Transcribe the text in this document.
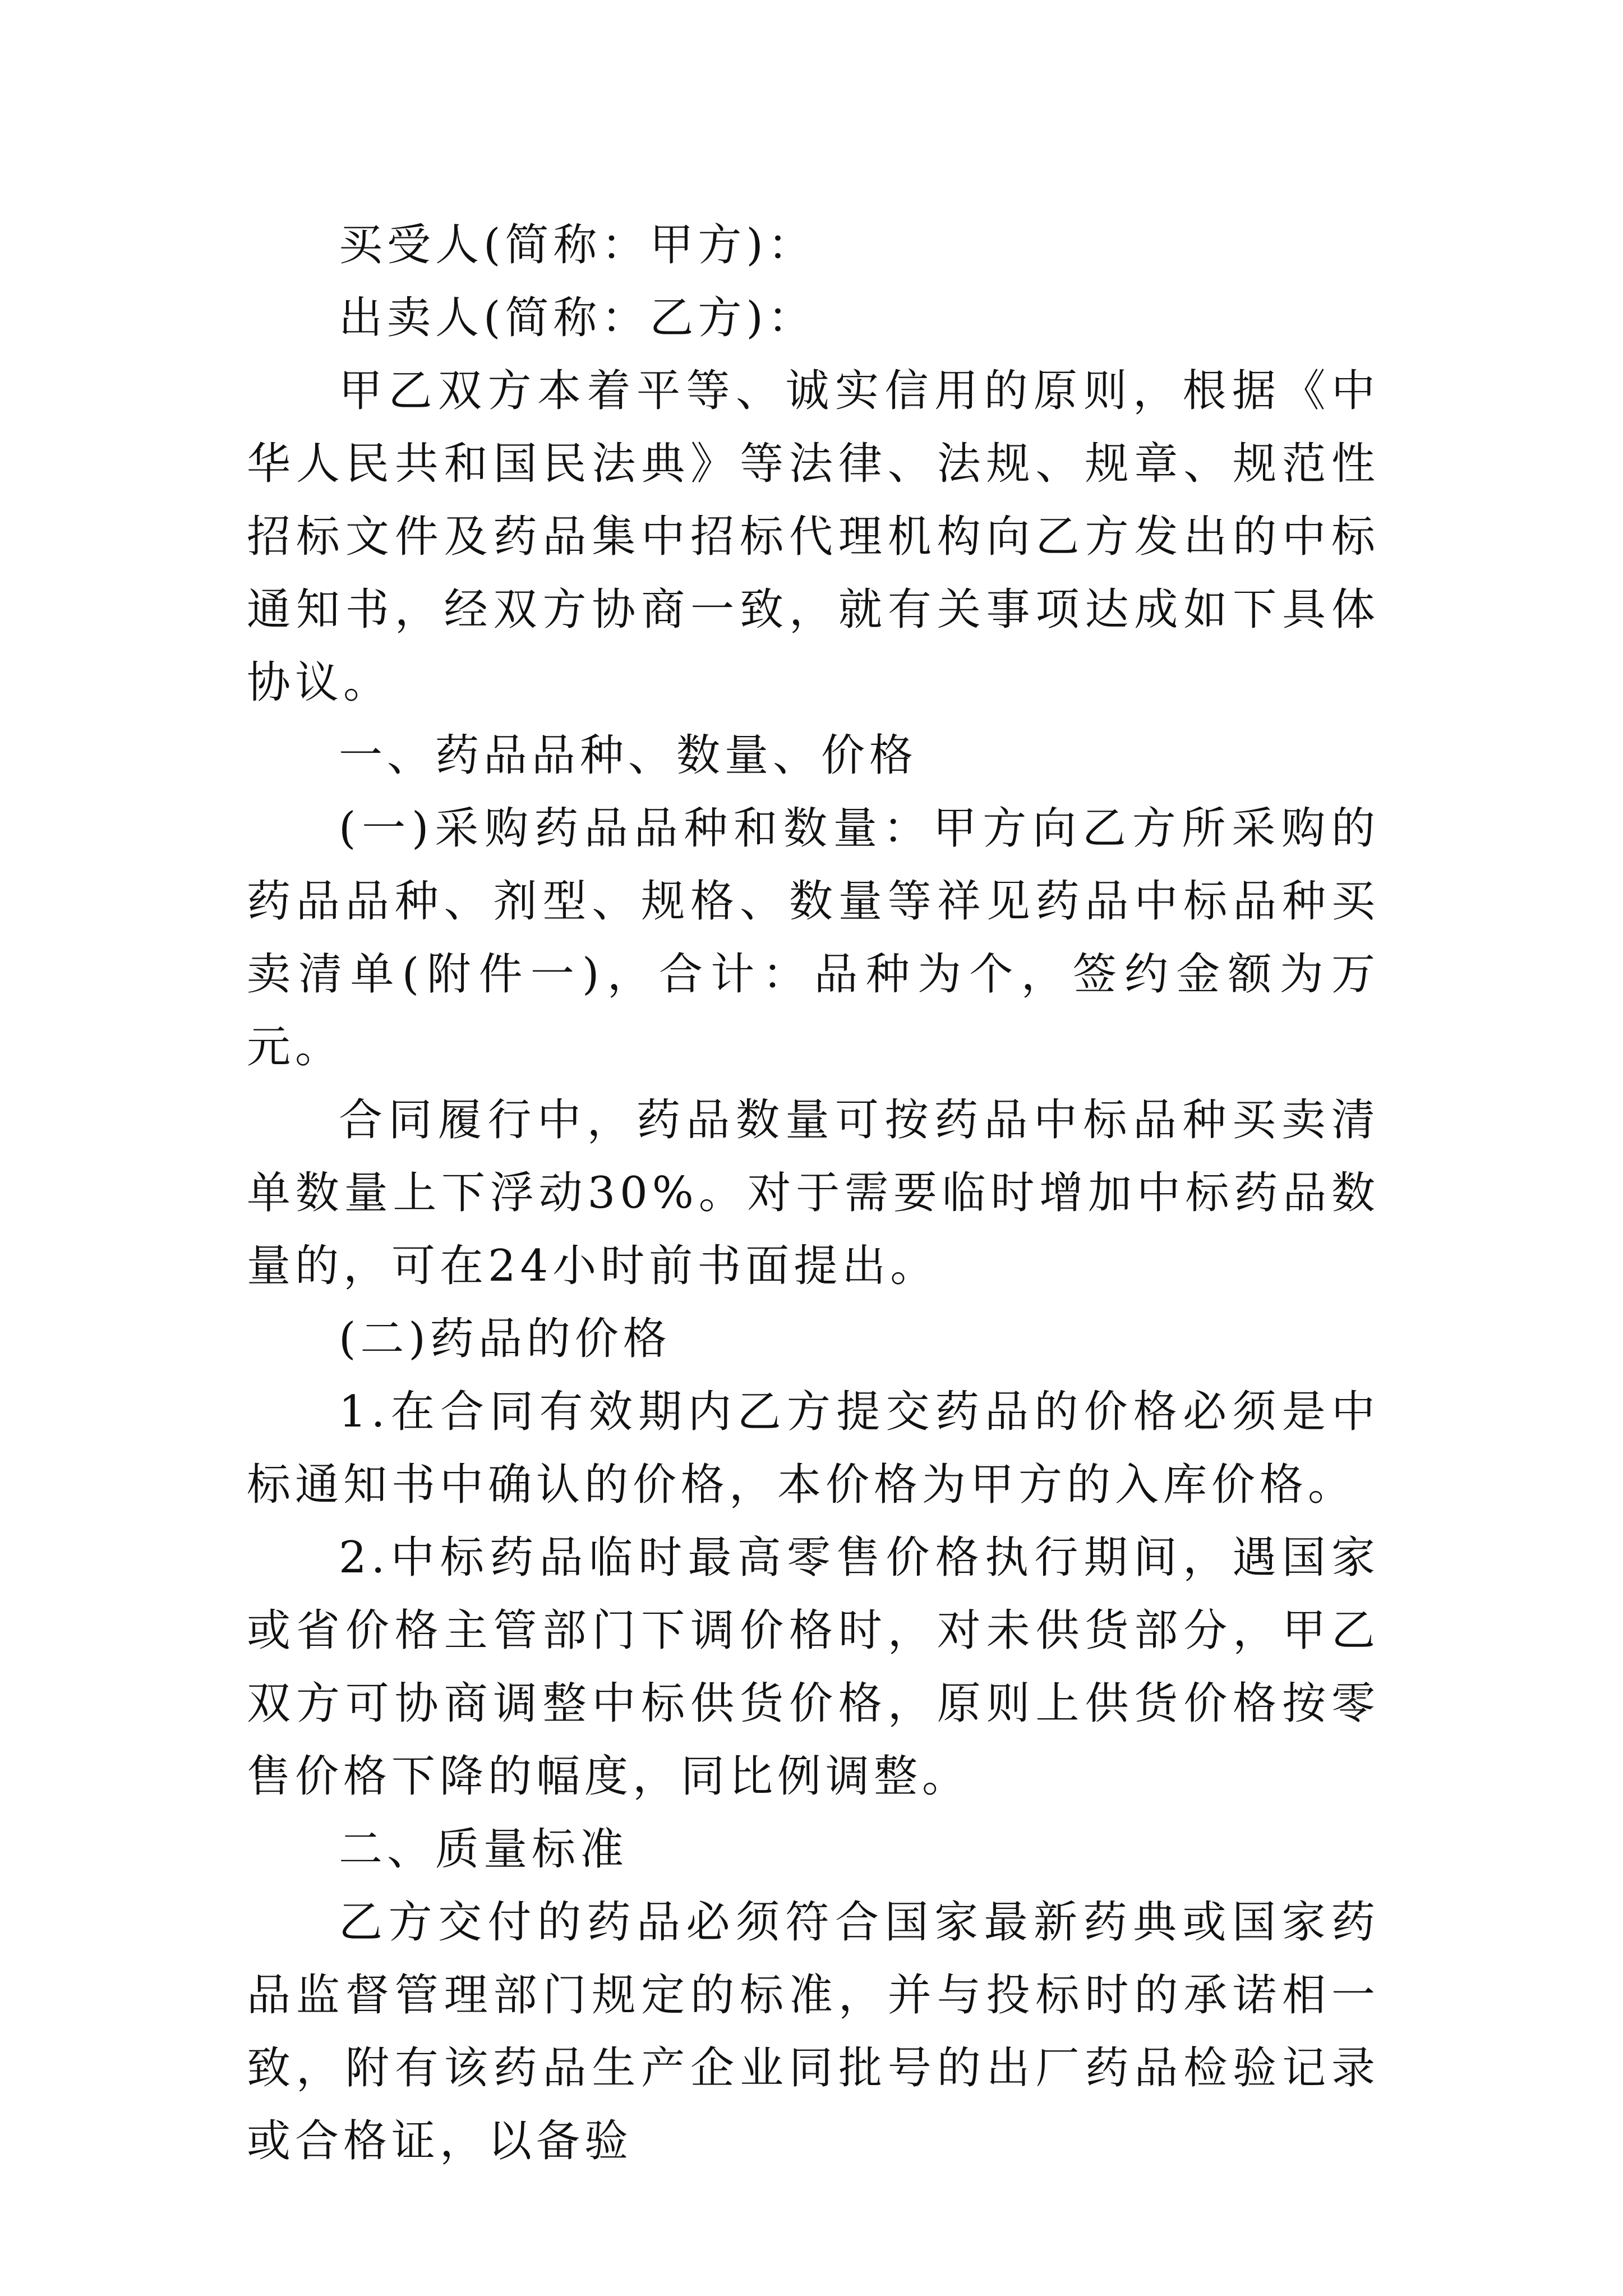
买受人(简称：甲方)：

出卖人(简称：乙方)：

甲乙双方本着平等、诚实信用的原则，根据《中华人民共和国民法典》等法律、法规、规章、规范性招标文件及药品集中招标代理机构向乙方发出的中标通知书，经双方协商一致，就有关事项达成如下具体协议。

一、药品品种、数量、价格

(一)采购药品品种和数量：甲方向乙方所采购的药品品种、剂型、规格、数量等祥见药品中标品种买卖清单(附件一)，合计：品种为个，签约金额为万元。

合同履行中，药品数量可按药品中标品种买卖清单数量上下浮动30%。对于需要临时增加中标药品数量的，可在24小时前书面提出。

(二)药品的价格

1.在合同有效期内乙方提交药品的价格必须是中标通知书中确认的价格，本价格为甲方的入库价格。

2.中标药品临时最高零售价格执行期间，遇国家或省价格主管部门下调价格时，对未供货部分，甲乙双方可协商调整中标供货价格，原则上供货价格按零售价格下降的幅度，同比例调整。

二、质量标准

乙方交付的药品必须符合国家最新药典或国家药品监督管理部门规定的标准，并与投标时的承诺相一致，附有该药品生产企业同批号的出厂药品检验记录或合格证，以备验
